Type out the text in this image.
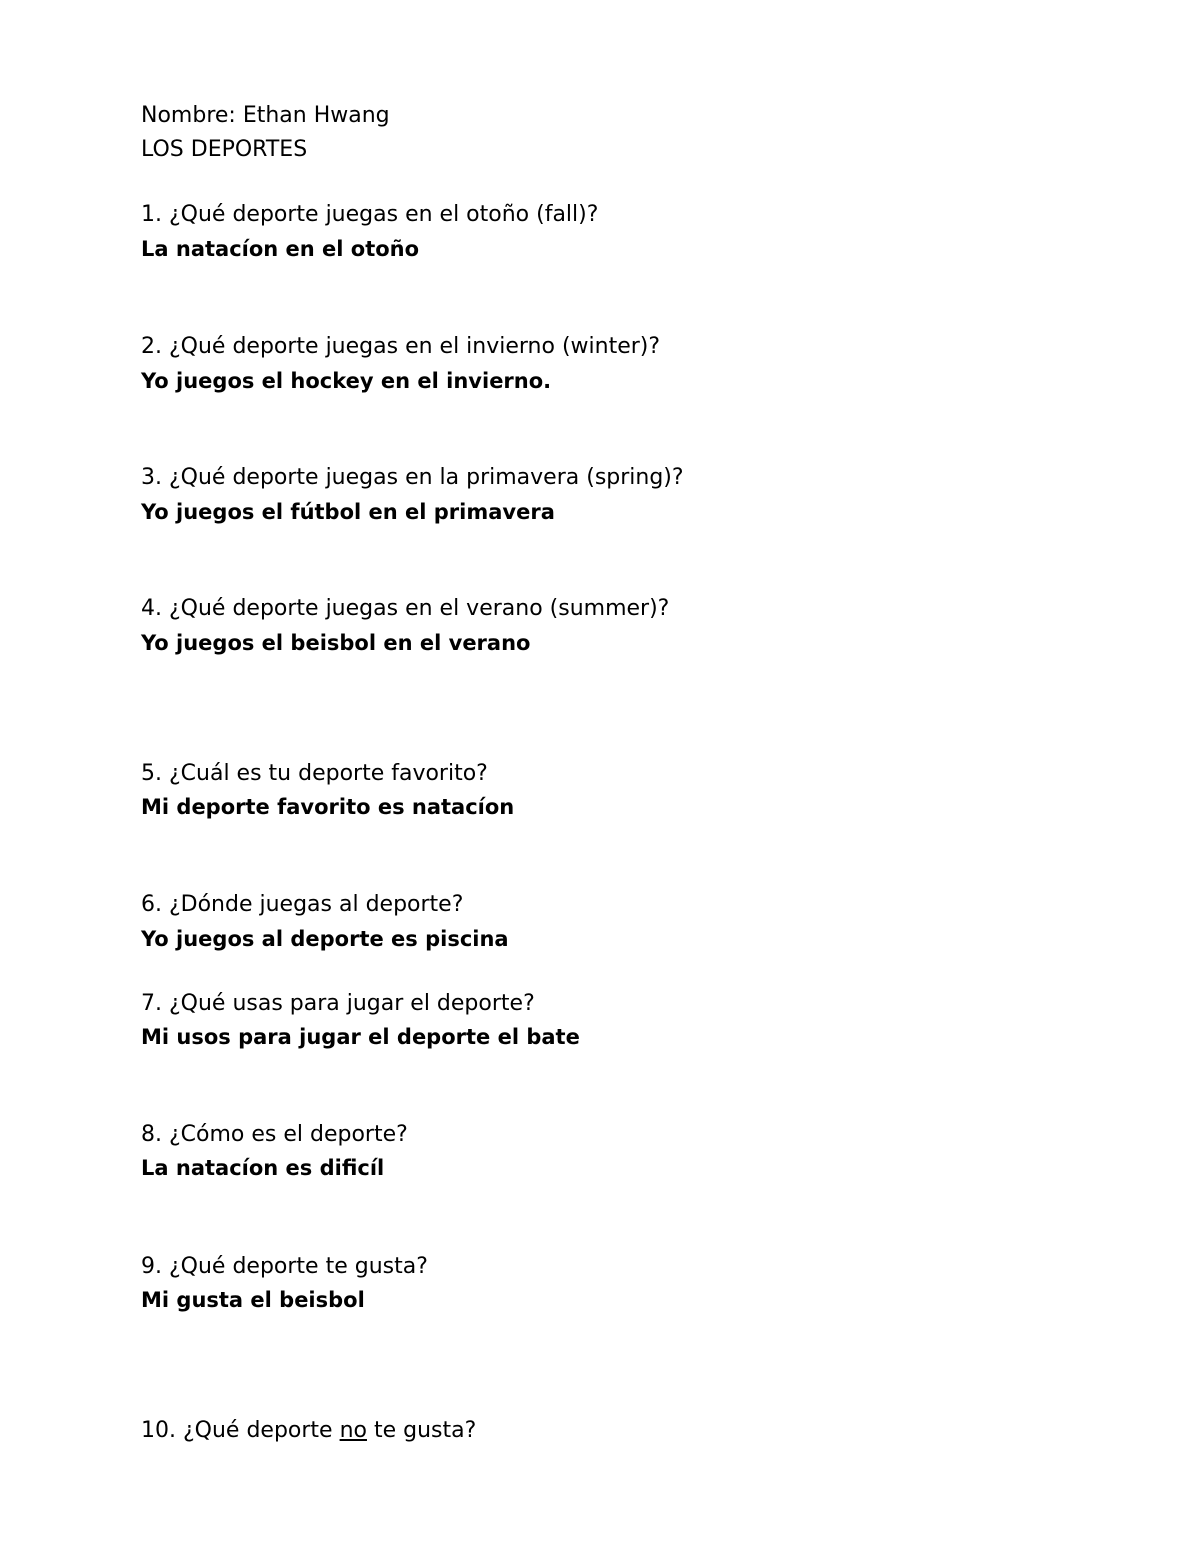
Nombre: Ethan Hwang
LOS DEPORTES
1. ¿Qué deporte juegas en el otoño (fall)?
La natacíon en el otoño
2. ¿Qué deporte juegas en el invierno (winter)?
Yo juegos el hockey en el invierno.
3. ¿Qué deporte juegas en la primavera (spring)?
Yo juegos el fútbol en el primavera
4. ¿Qué deporte juegas en el verano (summer)?
Yo juegos el beisbol en el verano
5. ¿Cuál es tu deporte favorito?
Mi deporte favorito es natacíon
6. ¿Dónde juegas al deporte?
Yo juegos al deporte es piscina
7. ¿Qué usas para jugar el deporte?
Mi usos para jugar el deporte el bate
8. ¿Cómo es el deporte?
La natacíon es dificíl
9. ¿Qué deporte te gusta?
Mi gusta el beisbol
10. ¿Qué deporte no te gusta?
